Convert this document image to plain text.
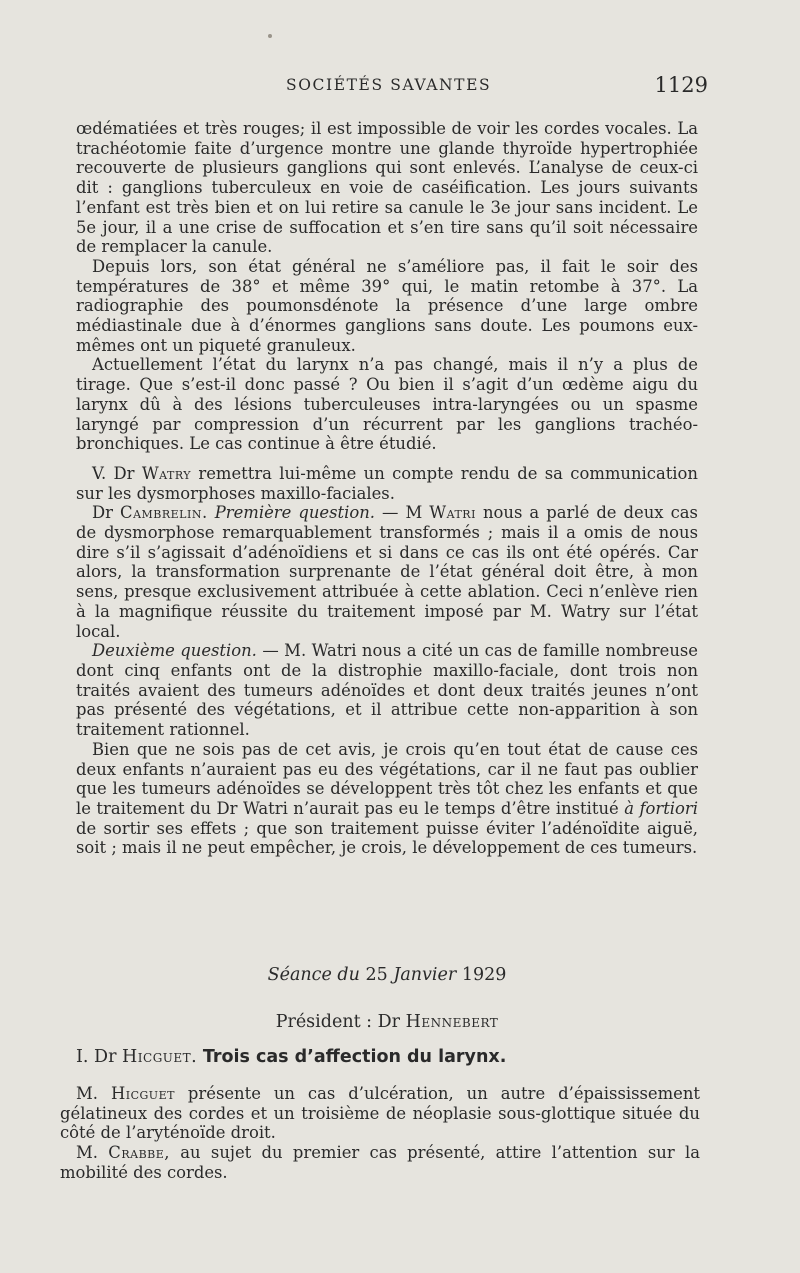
SOCIÉTÉS SAVANTES	1129

œdématiées et très rouges; il est impossible de voir les cordes vocales. La trachéotomie faite d’urgence montre une glande thyroïde hypertrophiée recouverte de plusieurs ganglions qui sont enlevés. L’analyse de ceux-ci dit : ganglions tuberculeux en voie de caséification. Les jours suivants l’enfant est très bien et on lui retire sa canule le 3e jour sans incident. Le 5e jour, il a une crise de suffocation et s’en tire sans qu’il soit nécessaire de remplacer la canule.

Depuis lors, son état général ne s’améliore pas, il fait le soir des températures de 38° et même 39° qui, le matin retombe à 37°. La radiographie des poumonsdénote la présence d’une large ombre médiastinale due à d’énormes ganglions sans doute. Les poumons eux-mêmes ont un piqueté granuleux.

Actuellement l’état du larynx n’a pas changé, mais il n’y a plus de tirage. Que s’est-il donc passé ? Ou bien il s’agit d’un œdème aigu du larynx dû à des lésions tuberculeuses intra-laryngées ou un spasme laryngé par compression d’un récurrent par les ganglions trachéo-bronchiques. Le cas continue à être étudié.

V. Dr Watry remettra lui-même un compte rendu de sa communication sur les dysmorphoses maxillo-faciales.

Dr Cambrelin. Première question. — M Watri nous a parlé de deux cas de dysmorphose remarquablement transformés ; mais il a omis de nous dire s’il s’agissait d’adénoïdiens et si dans ce cas ils ont été opérés. Car alors, la transformation surprenante de l’état général doit être, à mon sens, presque exclusivement attribuée à cette ablation. Ceci n’enlève rien à la magnifique réussite du traitement imposé par M. Watry sur l’état local.

Deuxième question. — M. Watri nous a cité un cas de famille nombreuse dont cinq enfants ont de la distrophie maxillo-faciale, dont trois non traités avaient des tumeurs adénoïdes et dont deux traités jeunes n’ont pas présenté des végétations, et il attribue cette non-apparition à son traitement rationnel.

Bien que ne sois pas de cet avis, je crois qu’en tout état de cause ces deux enfants n’auraient pas eu des végétations, car il ne faut pas oublier que les tumeurs adénoïdes se développent très tôt chez les enfants et que le traitement du Dr Watri n’aurait pas eu le temps d’être institué à fortiori de sortir ses effets ; que son traitement puisse éviter l’adénoïdite aiguë, soit ; mais il ne peut empêcher, je crois, le développement de ces tumeurs.

Séance du 25 Janvier 1929
Président : Dr Hennebert
I. Dr Hicguet. Trois cas d’affection du larynx.

M. Hicguet présente un cas d’ulcération, un autre d’épaississement gélatineux des cordes et un troisième de néoplasie sous-glottique située du côté de l’aryténoïde droit.

M. Crabbe, au sujet du premier cas présenté, attire l’attention sur la mobilité des cordes.
